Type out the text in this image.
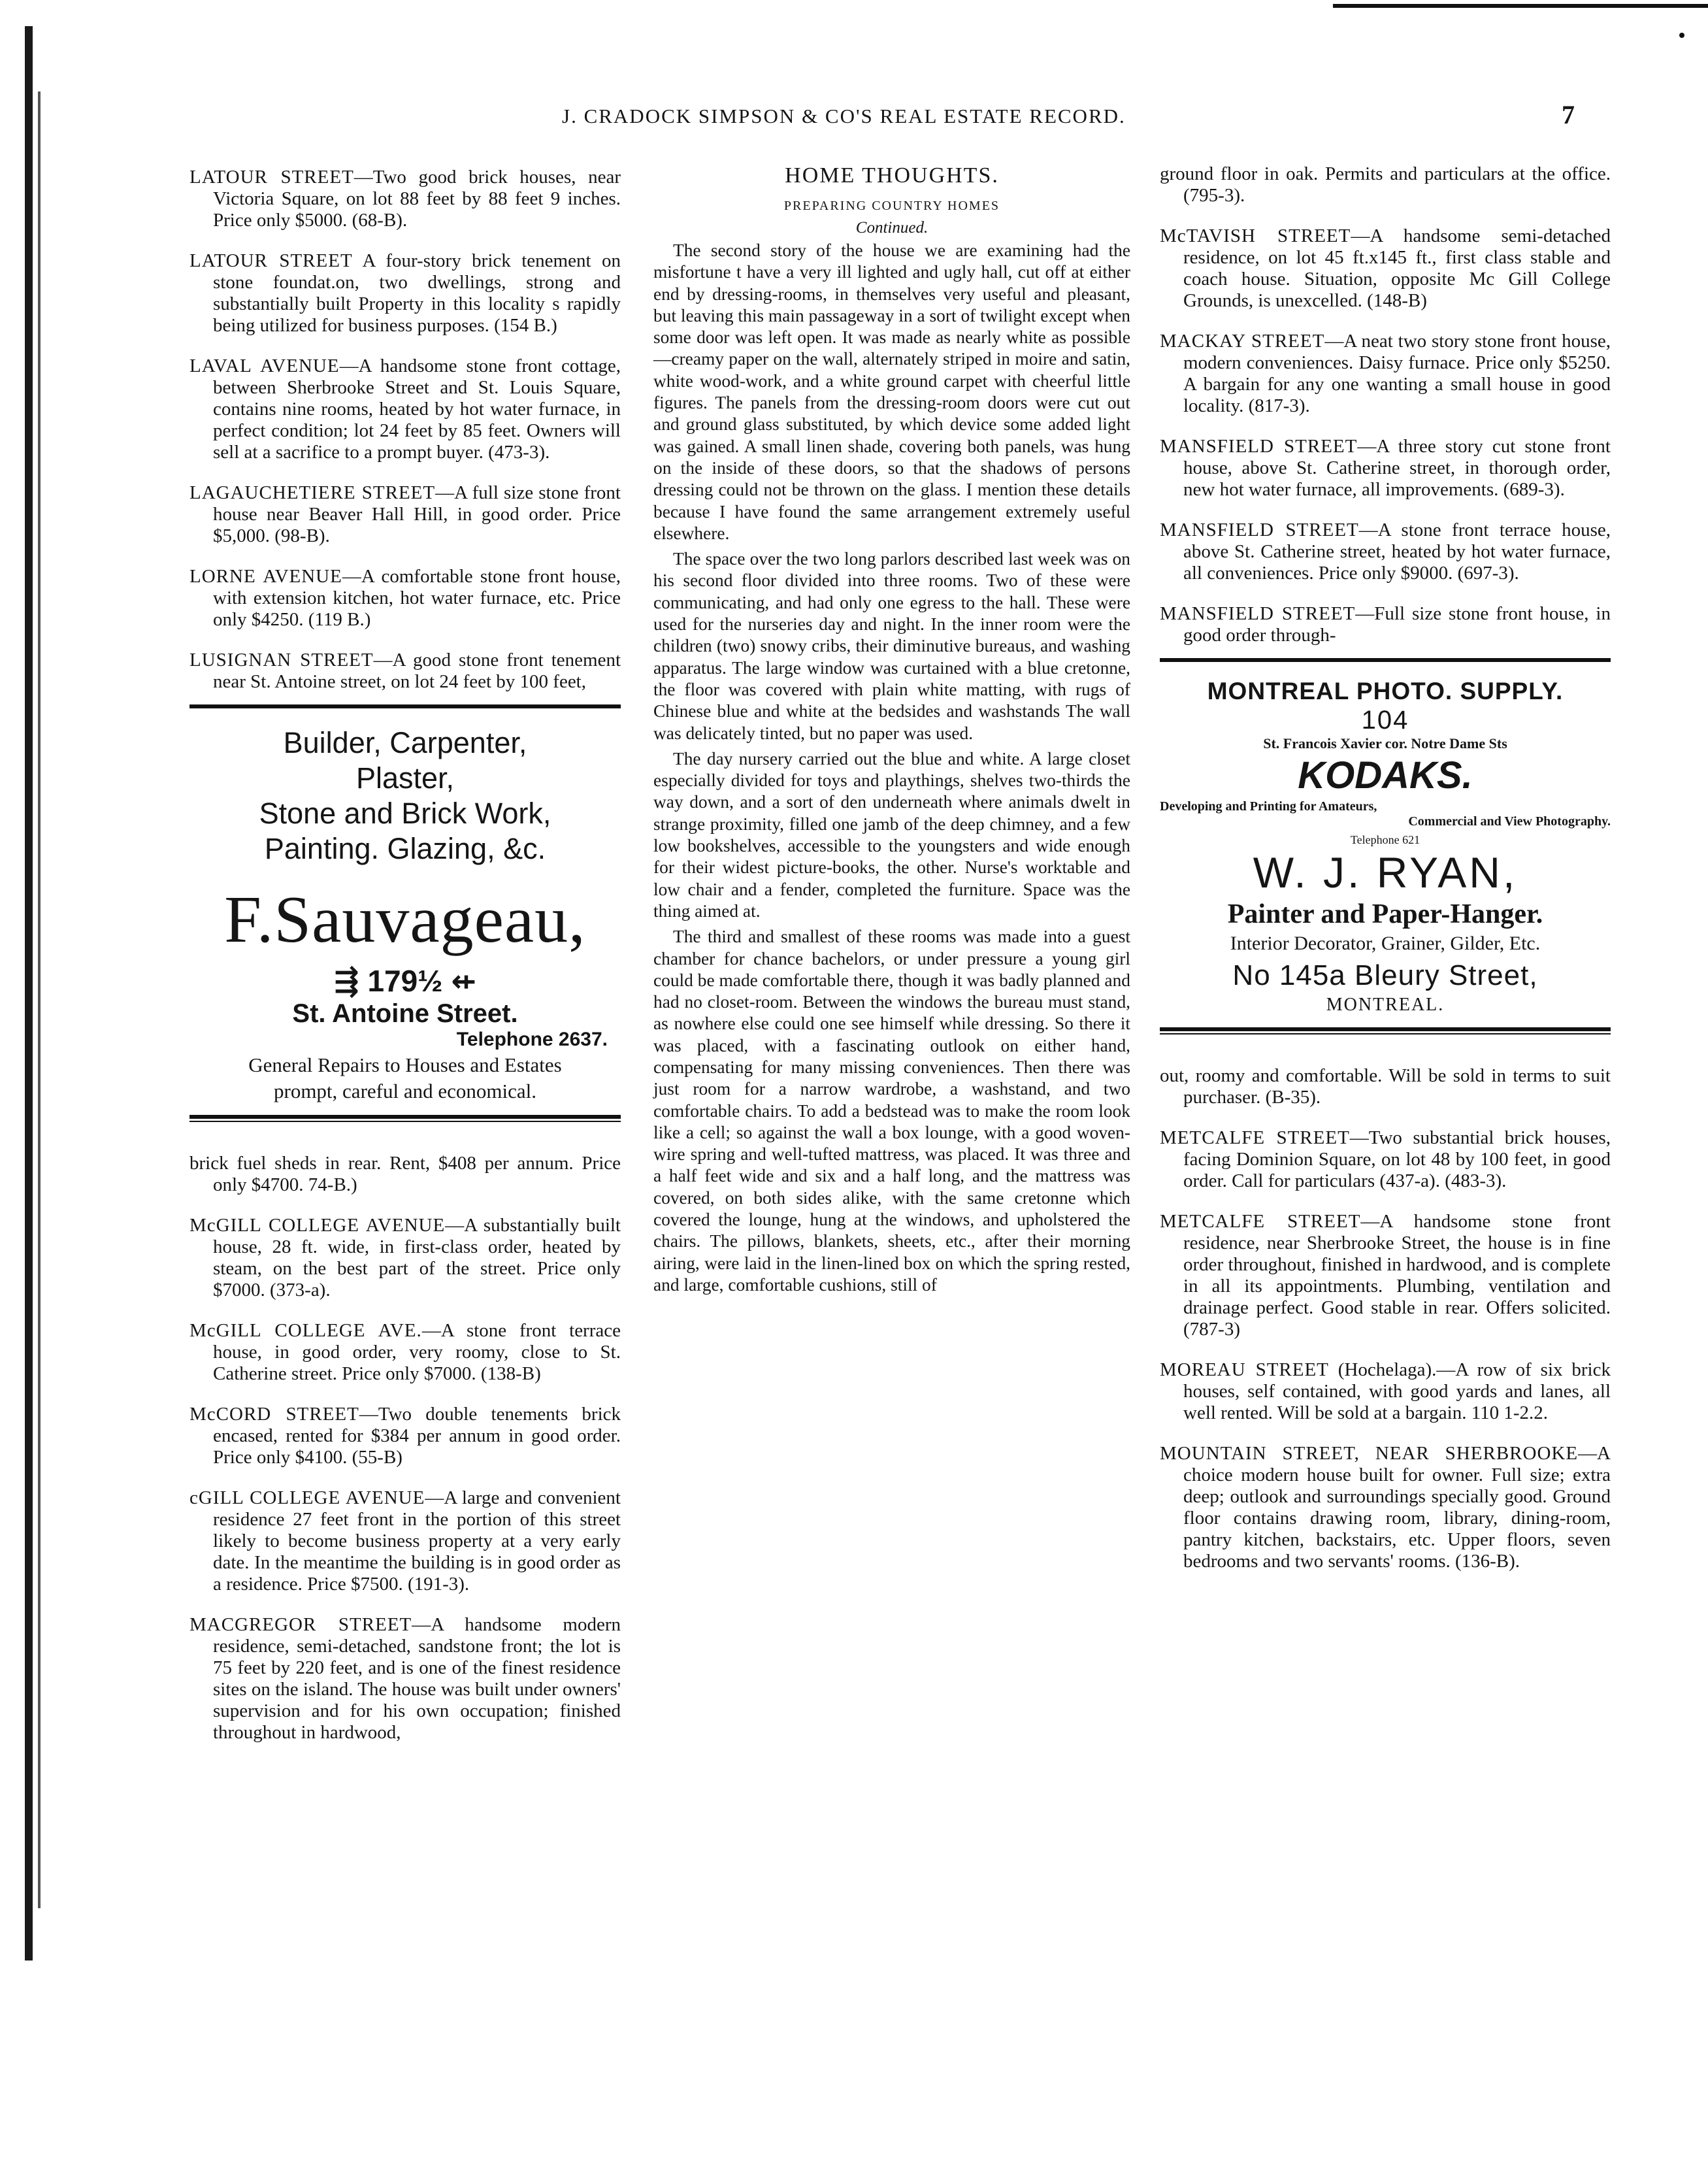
J. CRADOCK SIMPSON & CO'S REAL ESTATE RECORD.	7

LATOUR STREET—Two good brick houses, near Victoria Square, on lot 88 feet by 88 feet 9 inches. Price only $5000. (68-B).

LATOUR STREET A four-story brick tenement on stone foundat.on, two dwellings, strong and substantially built Property in this locality s rapidly being utilized for business purposes. (154 B.)

LAVAL AVENUE—A handsome stone front cottage, between Sherbrooke Street and St. Louis Square, contains nine rooms, heated by hot water furnace, in perfect condition; lot 24 feet by 85 feet. Owners will sell at a sacrifice to a prompt buyer. (473-3).

LAGAUCHETIERE STREET—A full size stone front house near Beaver Hall Hill, in good order. Price $5,000. (98-B).

LORNE AVENUE—A comfortable stone front house, with extension kitchen, hot water furnace, etc. Price only $4250. (119 B.)

LUSIGNAN STREET—A good stone front tenement near St. Antoine street, on lot 24 feet by 100 feet,

Builder, Carpenter,
Plaster,
Stone and Brick Work,
Painting. Glazing, &c.
F.Sauvageau,
⇶ 179½ ⇷
St. Antoine Street.
Telephone 2637.
General Repairs to Houses and Estates
prompt, careful and economical.

brick fuel sheds in rear. Rent, $408 per annum. Price only $4700. 74-B.)

McGILL COLLEGE AVENUE—A substantially built house, 28 ft. wide, in first-class order, heated by steam, on the best part of the street. Price only $7000. (373-a).

McGILL COLLEGE AVE.—A stone front terrace house, in good order, very roomy, close to St. Catherine street. Price only $7000. (138-B)

McCORD STREET—Two double tenements brick encased, rented for $384 per annum in good order. Price only $4100. (55-B)

cGILL COLLEGE AVENUE—A large and convenient residence 27 feet front in the portion of this street likely to become business property at a very early date. In the meantime the building is in good order as a residence. Price $7500. (191-3).

MACGREGOR STREET—A handsome modern residence, semi-detached, sandstone front; the lot is 75 feet by 220 feet, and is one of the finest residence sites on the island. The house was built under owners' supervision and for his own occupation; finished throughout in hardwood,

HOME THOUGHTS.
PREPARING COUNTRY HOMES
Continued.

The second story of the house we are examining had the misfortune t have a very ill lighted and ugly hall, cut off at either end by dressing-rooms, in themselves very useful and pleasant, but leaving this main passageway in a sort of twilight except when some door was left open. It was made as nearly white as possible—creamy paper on the wall, alternately striped in moire and satin, white wood-work, and a white ground carpet with cheerful little figures. The panels from the dressing-room doors were cut out and ground glass substituted, by which device some added light was gained. A small linen shade, covering both panels, was hung on the inside of these doors, so that the shadows of persons dressing could not be thrown on the glass. I mention these details because I have found the same arrangement extremely useful elsewhere.

The space over the two long parlors described last week was on his second floor divided into three rooms. Two of these were communicating, and had only one egress to the hall. These were used for the nurseries day and night. In the inner room were the children (two) snowy cribs, their diminutive bureaus, and washing apparatus. The large window was curtained with a blue cretonne, the floor was covered with plain white matting, with rugs of Chinese blue and white at the bedsides and washstands The wall was delicately tinted, but no paper was used.

The day nursery carried out the blue and white. A large closet especially divided for toys and playthings, shelves two-thirds the way down, and a sort of den underneath where animals dwelt in strange proximity, filled one jamb of the deep chimney, and a few low bookshelves, accessible to the youngsters and wide enough for their widest picture-books, the other. Nurse's worktable and low chair and a fender, completed the furniture. Space was the thing aimed at.

The third and smallest of these rooms was made into a guest chamber for chance bachelors, or under pressure a young girl could be made comfortable there, though it was badly planned and had no closet-room. Between the windows the bureau must stand, as nowhere else could one see himself while dressing. So there it was placed, with a fascinating outlook on either hand, compensating for many missing conveniences. Then there was just room for a narrow wardrobe, a washstand, and two comfortable chairs. To add a bedstead was to make the room look like a cell; so against the wall a box lounge, with a good woven-wire spring and well-tufted mattress, was placed. It was three and a half feet wide and six and a half long, and the mattress was covered, on both sides alike, with the same cretonne which covered the lounge, hung at the windows, and upholstered the chairs. The pillows, blankets, sheets, etc., after their morning airing, were laid in the linen-lined box on which the spring rested, and large, comfortable cushions, still of

ground floor in oak. Permits and particulars at the office. (795-3).

McTAVISH STREET—A handsome semi-detached residence, on lot 45 ft.x145 ft., first class stable and coach house. Situation, opposite Mc Gill College Grounds, is unexcelled. (148-B)

MACKAY STREET—A neat two story stone front house, modern conveniences. Daisy furnace. Price only $5250. A bargain for any one wanting a small house in good locality. (817-3).

MANSFIELD STREET—A three story cut stone front house, above St. Catherine street, in thorough order, new hot water furnace, all improvements. (689-3).

MANSFIELD STREET—A stone front terrace house, above St. Catherine street, heated by hot water furnace, all conveniences. Price only $9000. (697-3).

MANSFIELD STREET—Full size stone front house, in good order through-

MONTREAL PHOTO. SUPPLY.
104
St. Francois Xavier cor. Notre Dame Sts
KODAKS.
Developing and Printing for Amateurs,
Commercial and View Photography.
Telephone 621
W. J. RYAN,
Painter and Paper-Hanger.
Interior Decorator, Grainer, Gilder, Etc.
No 145a Bleury Street,
MONTREAL.

out, roomy and comfortable. Will be sold in terms to suit purchaser. (B-35).

METCALFE STREET—Two substantial brick houses, facing Dominion Square, on lot 48 by 100 feet, in good order. Call for particulars (437-a). (483-3).

METCALFE STREET—A handsome stone front residence, near Sherbrooke Street, the house is in fine order throughout, finished in hardwood, and is complete in all its appointments. Plumbing, ventilation and drainage perfect. Good stable in rear. Offers solicited. (787-3)

MOREAU STREET (Hochelaga).—A row of six brick houses, self contained, with good yards and lanes, all well rented. Will be sold at a bargain. 110 1-2.2.

MOUNTAIN STREET, NEAR SHERBROOKE—A choice modern house built for owner. Full size; extra deep; outlook and surroundings specially good. Ground floor contains drawing room, library, dining-room, pantry kitchen, backstairs, etc. Upper floors, seven bedrooms and two servants' rooms. (136-B).
